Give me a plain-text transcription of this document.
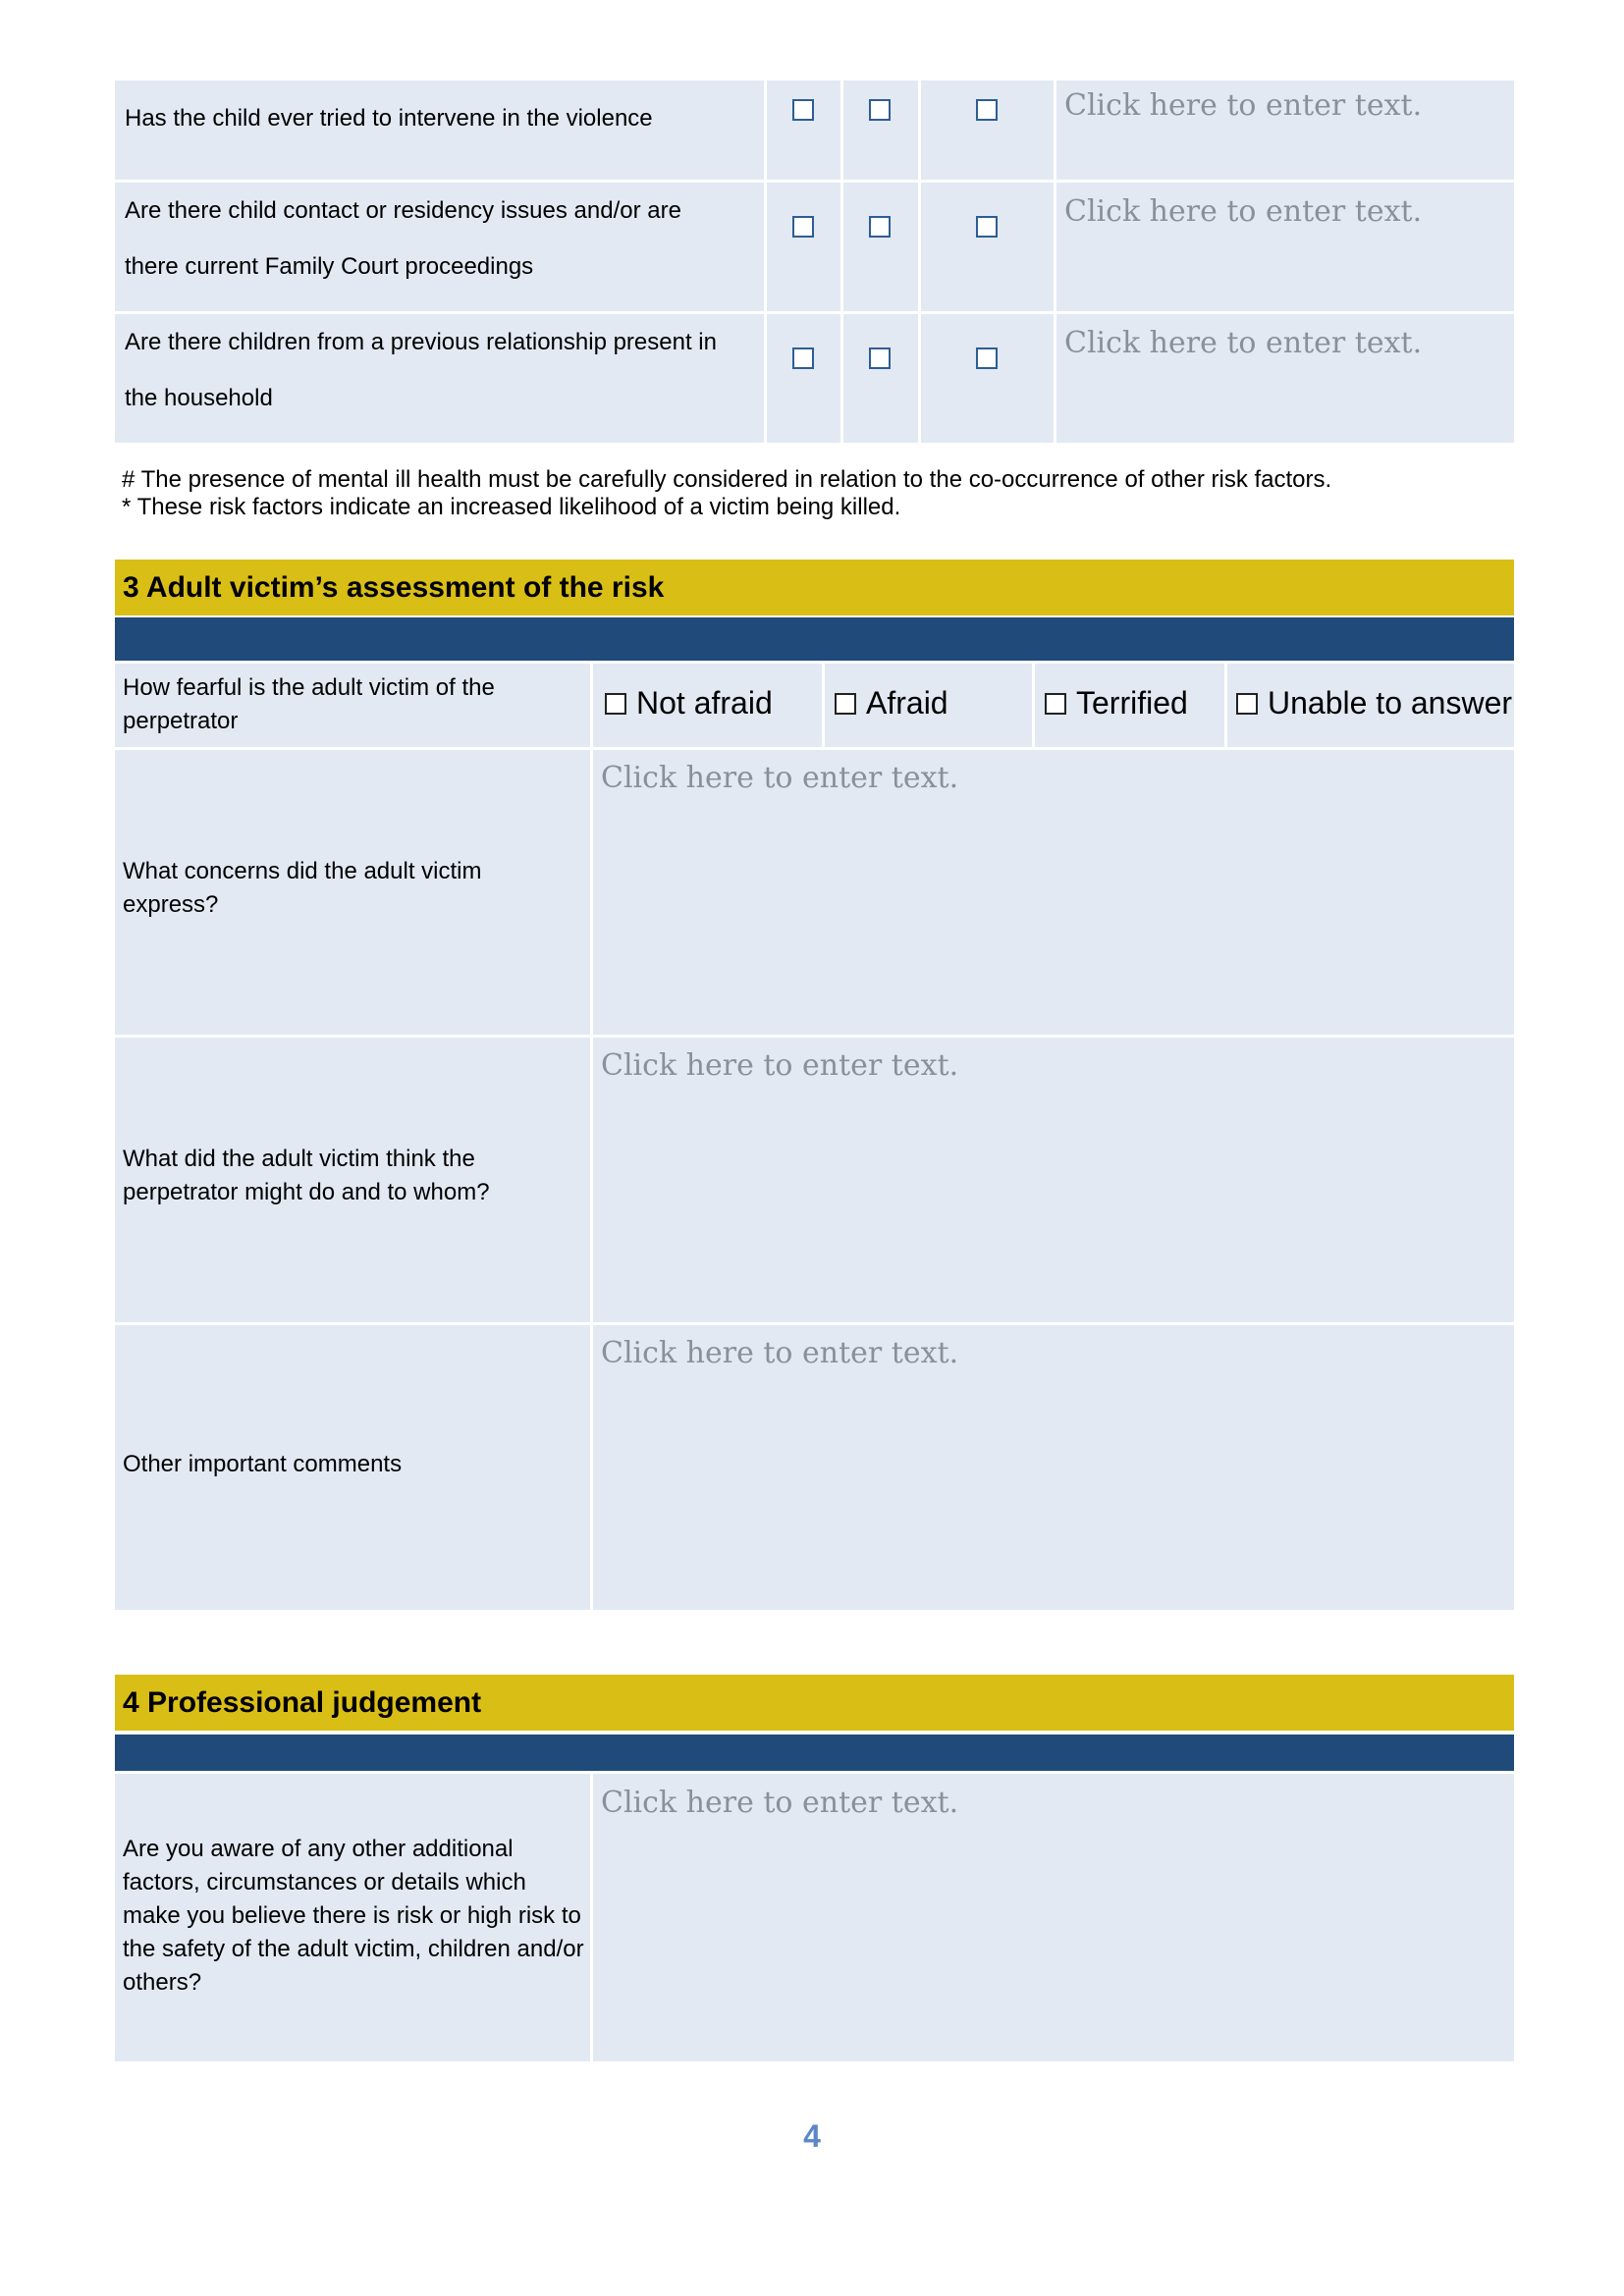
Has the child ever tried to intervene in the violence	Click here to enter text.
Are there child contact or residency issues and/or are
there current Family Court proceedings
Click here to enter text.
Are there children from a previous relationship present in
the household
Click here to enter text.
# The presence of mental ill health must be carefully considered in relation to the co-occurrence of other risk factors.
* These risk factors indicate an increased likelihood of a victim being killed.
3 Adult victim’s assessment of the risk
How fearful is the adult victim of the perpetrator
Not afraid	Afraid	Terrified	Unable to answer
What concerns did the adult victim express?
Click here to enter text.
What did the adult victim think the perpetrator might do and to whom?
Click here to enter text.
Other important comments
Click here to enter text.
4 Professional judgement
Are you aware of any other additional factors, circumstances or details which make you believe there is risk or high risk to the safety of the adult victim, children and/or others?
Click here to enter text.
4
